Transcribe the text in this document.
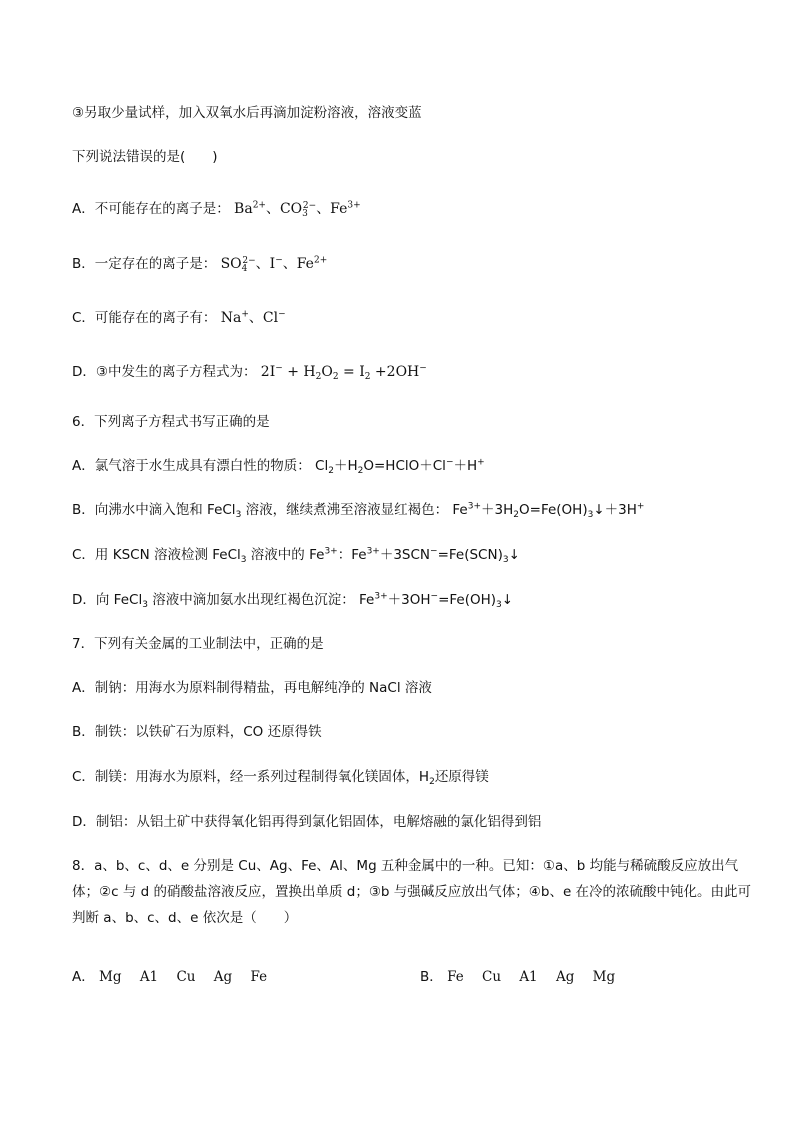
③另取少量试样，加入双氧水后再滴加淀粉溶液，溶液变蓝
下列说法错误的是(　　)
A．不可能存在的离子是： $Ba^{2+}$、$CO_3^{2-}$、$Fe^{3+}$
B．一定存在的离子是： $SO_4^{2-}$、I−、$Fe^{2+}$
C．可能存在的离子有： Na+、Cl−
D．③中发生的离子方程式为： $2I^- + H_2O_2 = I_2 +2OH^-$
6．下列离子方程式书写正确的是
A．氯气溶于水生成具有漂白性的物质： $Cl_2+H_2O=HClO+Cl^-+H^+$
B．向沸水中滴入饱和 FeCl$_3$ 溶液，继续煮沸至溶液显红褐色： $Fe^{3+}+3H_2O=Fe(OH)_3↓+3H^+$
C．用 KSCN 溶液检测 FeCl$_3$ 溶液中的 $Fe^{3+}$：$Fe^{3+}+3SCN^-=Fe(SCN)_3↓$
D．向 FeCl$_3$ 溶液中滴加氨水出现红褐色沉淀： $Fe^{3+}+3OH^-=Fe(OH)_3↓$
7．下列有关金属的工业制法中，正确的是
A．制钠：用海水为原料制得精盐，再电解纯净的 NaCl 溶液
B．制铁：以铁矿石为原料，CO 还原得铁
C．制镁：用海水为原料，经一系列过程制得氧化镁固体，$H_2$还原得镁
D．制铝：从铝土矿中获得氧化铝再得到氯化铝固体，电解熔融的氯化铝得到铝
8．a、b、c、d、e 分别是 Cu、Ag、Fe、Al、Mg 五种金属中的一种。已知：①a、b 均能与稀硫酸反应放出气体；②c 与 d 的硝酸盐溶液反应，置换出单质 d；③b 与强碱反应放出气体；④b、e 在冷的浓硫酸中钝化。由此可判断 a、b、c、d、e 依次是（　　）
A． Mg A1 Cu Ag Fe	B． Fe Cu A1 Ag Mg
